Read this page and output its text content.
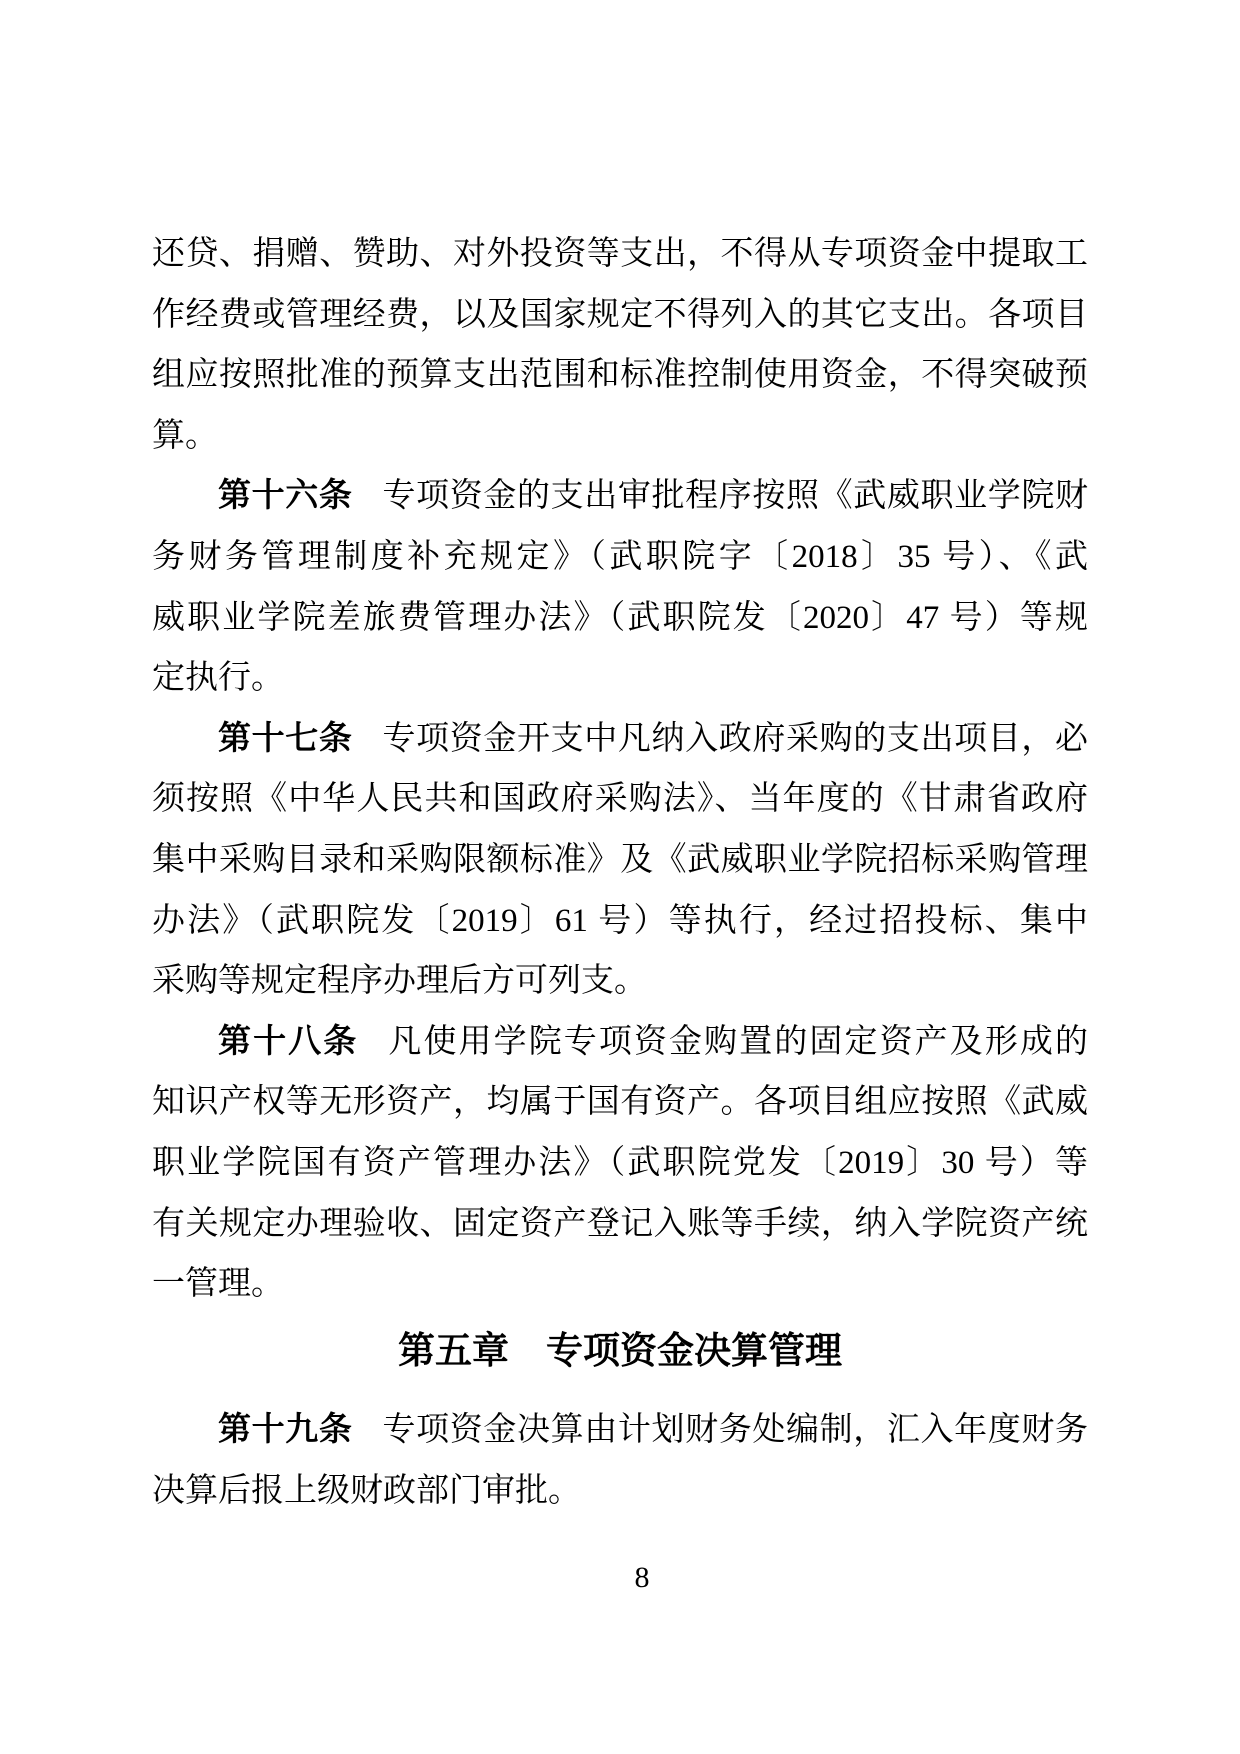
还贷、捐赠、赞助、对外投资等支出，不得从专项资金中提取工
作经费或管理经费，以及国家规定不得列入的其它支出。各项目
组应按照批准的预算支出范围和标准控制使用资金，不得突破预
算。
第十六条 专项资金的支出审批程序按照《武威职业学院财
务财务管理制度补充规定》（武职院字〔2018〕35 号）、《武
威职业学院差旅费管理办法》（武职院发〔2020〕47 号）等规
定执行。
第十七条 专项资金开支中凡纳入政府采购的支出项目，必
须按照《中华人民共和国政府采购法》、当年度的《甘肃省政府
集中采购目录和采购限额标准》及《武威职业学院招标采购管理
办法》（武职院发〔2019〕61 号）等执行，经过招投标、集中
采购等规定程序办理后方可列支。
第十八条 凡使用学院专项资金购置的固定资产及形成的
知识产权等无形资产，均属于国有资产。各项目组应按照《武威
职业学院国有资产管理办法》（武职院党发〔2019〕30 号）等
有关规定办理验收、固定资产登记入账等手续，纳入学院资产统
一管理。
第五章　专项资金决算管理
第十九条 专项资金决算由计划财务处编制，汇入年度财务
决算后报上级财政部门审批。
8
